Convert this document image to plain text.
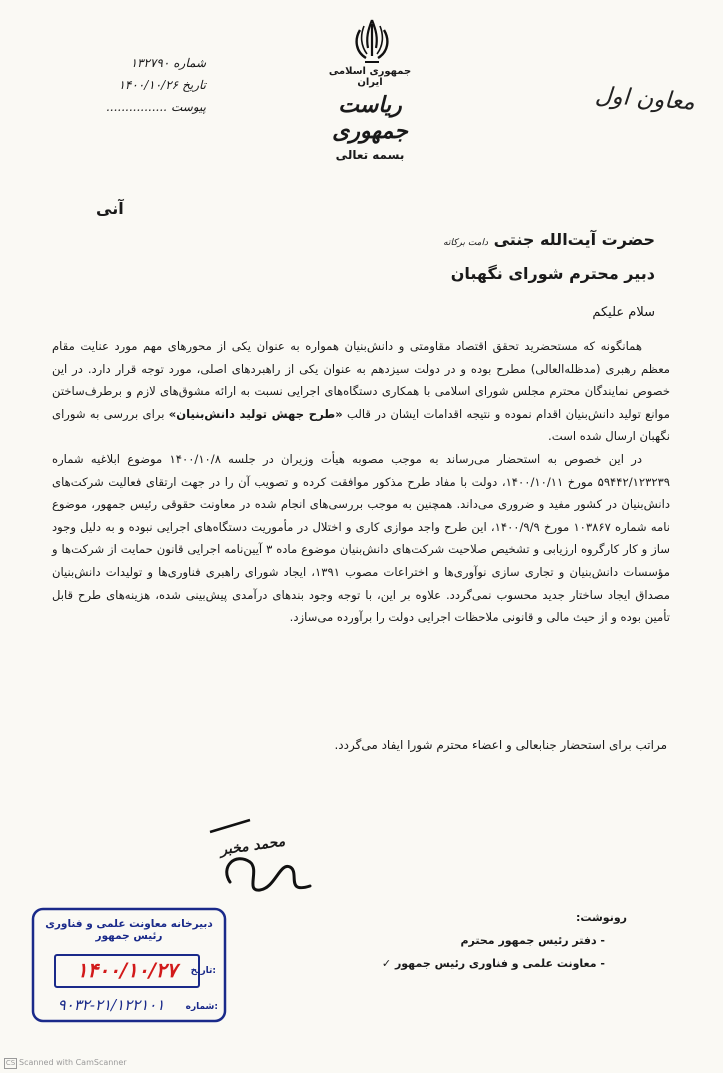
جمهوری اسلامی ایران
ریاست جمهوری
بسمه تعالی
معاون اول
شماره
۱۳۲۷۹۰
تاریخ
۱۴۰۰/۱۰/۲۶
پیوست
................
آنی
حضرت آیت‌الله جنتی دامت برکاته
دبیر محترم شورای نگهبان
سلام علیکم

همانگونه که مستحضرید تحقق اقتصاد مقاومتی و دانش‌بنیان همواره به عنوان یکی از محورهای مهم مورد عنایت مقام معظم رهبری (مدظله‌العالی) مطرح بوده و در دولت سیزدهم به عنوان یکی از راهبردهای اصلی، مورد توجه قرار دارد. در این خصوص نمایندگان محترم مجلس شورای اسلامی با همکاری دستگاه‌های اجرایی نسبت به ارائه مشوق‌های لازم و برطرف‌ساختن موانع تولید دانش‌بنیان اقدام نموده و نتیجه اقدامات ایشان در قالب «طرح جهش تولید دانش‌بنیان» برای بررسی به شورای نگهبان ارسال شده است.

در این خصوص به استحضار می‌رساند به موجب مصوبه هیأت وزیران در جلسه ۱۴۰۰/۱۰/۸ موضوع ابلاغیه شماره ۵۹۴۴۲/۱۲۳۲۳۹ مورخ ۱۴۰۰/۱۰/۱۱، دولت با مفاد طرح مذکور موافقت کرده و تصویب آن را در جهت ارتقای فعالیت شرکت‌های دانش‌بنیان در کشور مفید و ضروری می‌داند. همچنین به موجب بررسی‌های انجام شده در معاونت حقوقی رئیس جمهور، موضوع نامه شماره ۱۰۳۸۶۷ مورخ ۱۴۰۰/۹/۹، این طرح واجد موازی کاری و اختلال در مأموریت دستگاه‌های اجرایی نبوده و به دلیل وجود ساز و کار کارگروه ارزیابی و تشخیص صلاحیت شرکت‌های دانش‌بنیان موضوع ماده ۳ آیین‌نامه اجرایی قانون حمایت از شرکت‌ها و مؤسسات دانش‌بنیان و تجاری سازی نوآوری‌ها و اختراعات مصوب ۱۳۹۱، ایجاد شورای راهبری فناوری‌ها و تولیدات دانش‌بنیان مصداق ایجاد ساختار جدید محسوب نمی‌گردد. علاوه بر این، با توجه وجود بندهای درآمدی پیش‌بینی شده، هزینه‌های طرح قابل تأمین بوده و از حیث مالی و قانونی ملاحظات اجرایی دولت را برآورده می‌سازد.

مراتب برای استحضار جنابعالی و اعضاء محترم شورا ایفاد می‌گردد.
محمد مخبر
رونوشت:
- دفتر رئیس جمهور محترم
- معاونت علمی و فناوری رئیس جمهور ✓
دبیرخانه معاونت علمی و فناوری رئیس جمهور
تاریخ:
۱۴۰۰/۱۰/۲۷
شماره:
۹۰۳۲-۲۱/۱۲۲۱۰۱
CS Scanned with CamScanner
